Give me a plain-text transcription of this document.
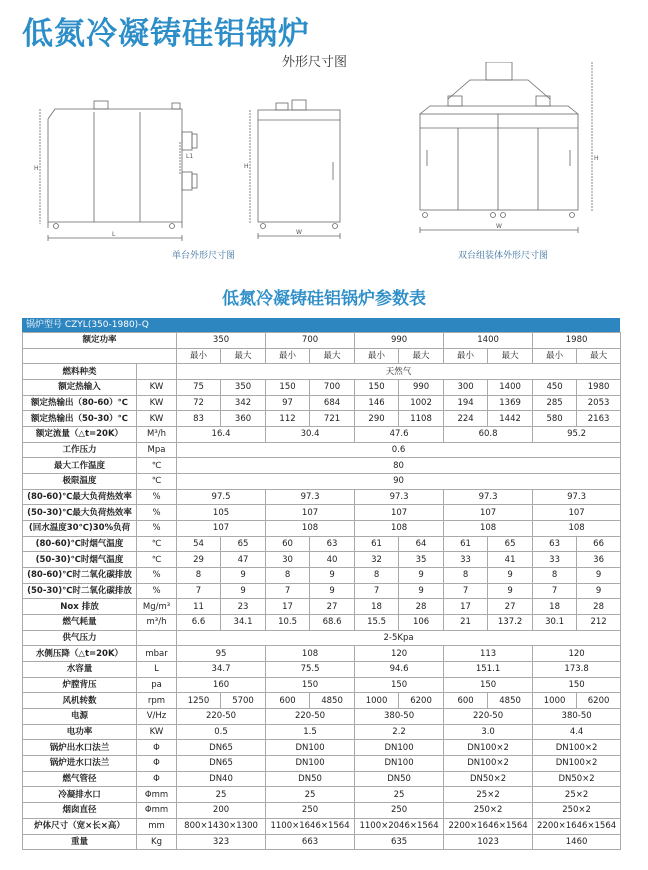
低氮冷凝铸硅铝锅炉
外形尺寸图
H
L1
L
H
W
H
W
单台外形尺寸图	双台组装体外形尺寸图
低氮冷凝铸硅铝锅炉参数表
锅炉型号 CZYL(350-1980)-Q
额定功率		350		700		990		1400		1980	
		最小	最大	最小	最大	最小	最大	最小	最大	最小	最大
燃料种类		天然气									
额定热输入	KW	75	350	150	700	150	990	300	1400	450	1980
额定热输出（80-60）℃	KW	72	342	97	684	146	1002	194	1369	285	2053
额定热输出（50-30）℃	KW	83	360	112	721	290	1108	224	1442	580	2163
额定流量（△t=20K）	M³/h	16.4		30.4		47.6		60.8		95.2	
工作压力	Mpa	0.6									
最大工作温度	℃	80									
极限温度	℃	90									
(80-60)℃最大负荷热效率	%	97.5		97.3		97.3		97.3		97.3	
(50-30)℃最大负荷热效率	%	105		107		107		107		107	
(回水温度30℃)30%负荷	%	107		108		108		108		108	
(80-60)℃时烟气温度	℃	54	65	60	63	61	64	61	65	63	66
(50-30)℃时烟气温度	℃	29	47	30	40	32	35	33	41	33	36
(80-60)℃时二氧化碳排放	%	8	9	8	9	8	9	8	9	8	9
(50-30)℃时二氧化碳排放	%	7	9	7	9	7	9	7	9	7	9
Nox 排放	Mg/m³	11	23	17	27	18	28	17	27	18	28
燃气耗量	m³/h	6.6	34.1	10.5	68.6	15.5	106	21	137.2	30.1	212
供气压力		2-5Kpa									
水侧压降（△t=20K）	mbar	95		108		120		113		120	
水容量	L	34.7		75.5		94.6		151.1		173.8	
炉膛背压	pa	160		150		150		150		150	
风机转数	rpm	1250	5700	600	4850	1000	6200	600	4850	1000	6200
电源	V/Hz	220-50		220-50		380-50		220-50		380-50	
电功率	KW	0.5		1.5		2.2		3.0		4.4	
锅炉出水口法兰	Φ	DN65		DN100		DN100		DN100×2		DN100×2	
锅炉进水口法兰	Φ	DN65		DN100		DN100		DN100×2		DN100×2	
燃气管径	Φ	DN40		DN50		DN50		DN50×2		DN50×2	
冷凝排水口	Φmm	25		25		25		25×2		25×2	
烟囱直径	Φmm	200		250		250		250×2		250×2	
炉体尺寸（宽×长×高）	mm	800×1430×1300		1100×1646×1564		1100×2046×1564		2200×1646×1564		2200×1646×1564	
重量	Kg	323		663		635		1023		1460	
